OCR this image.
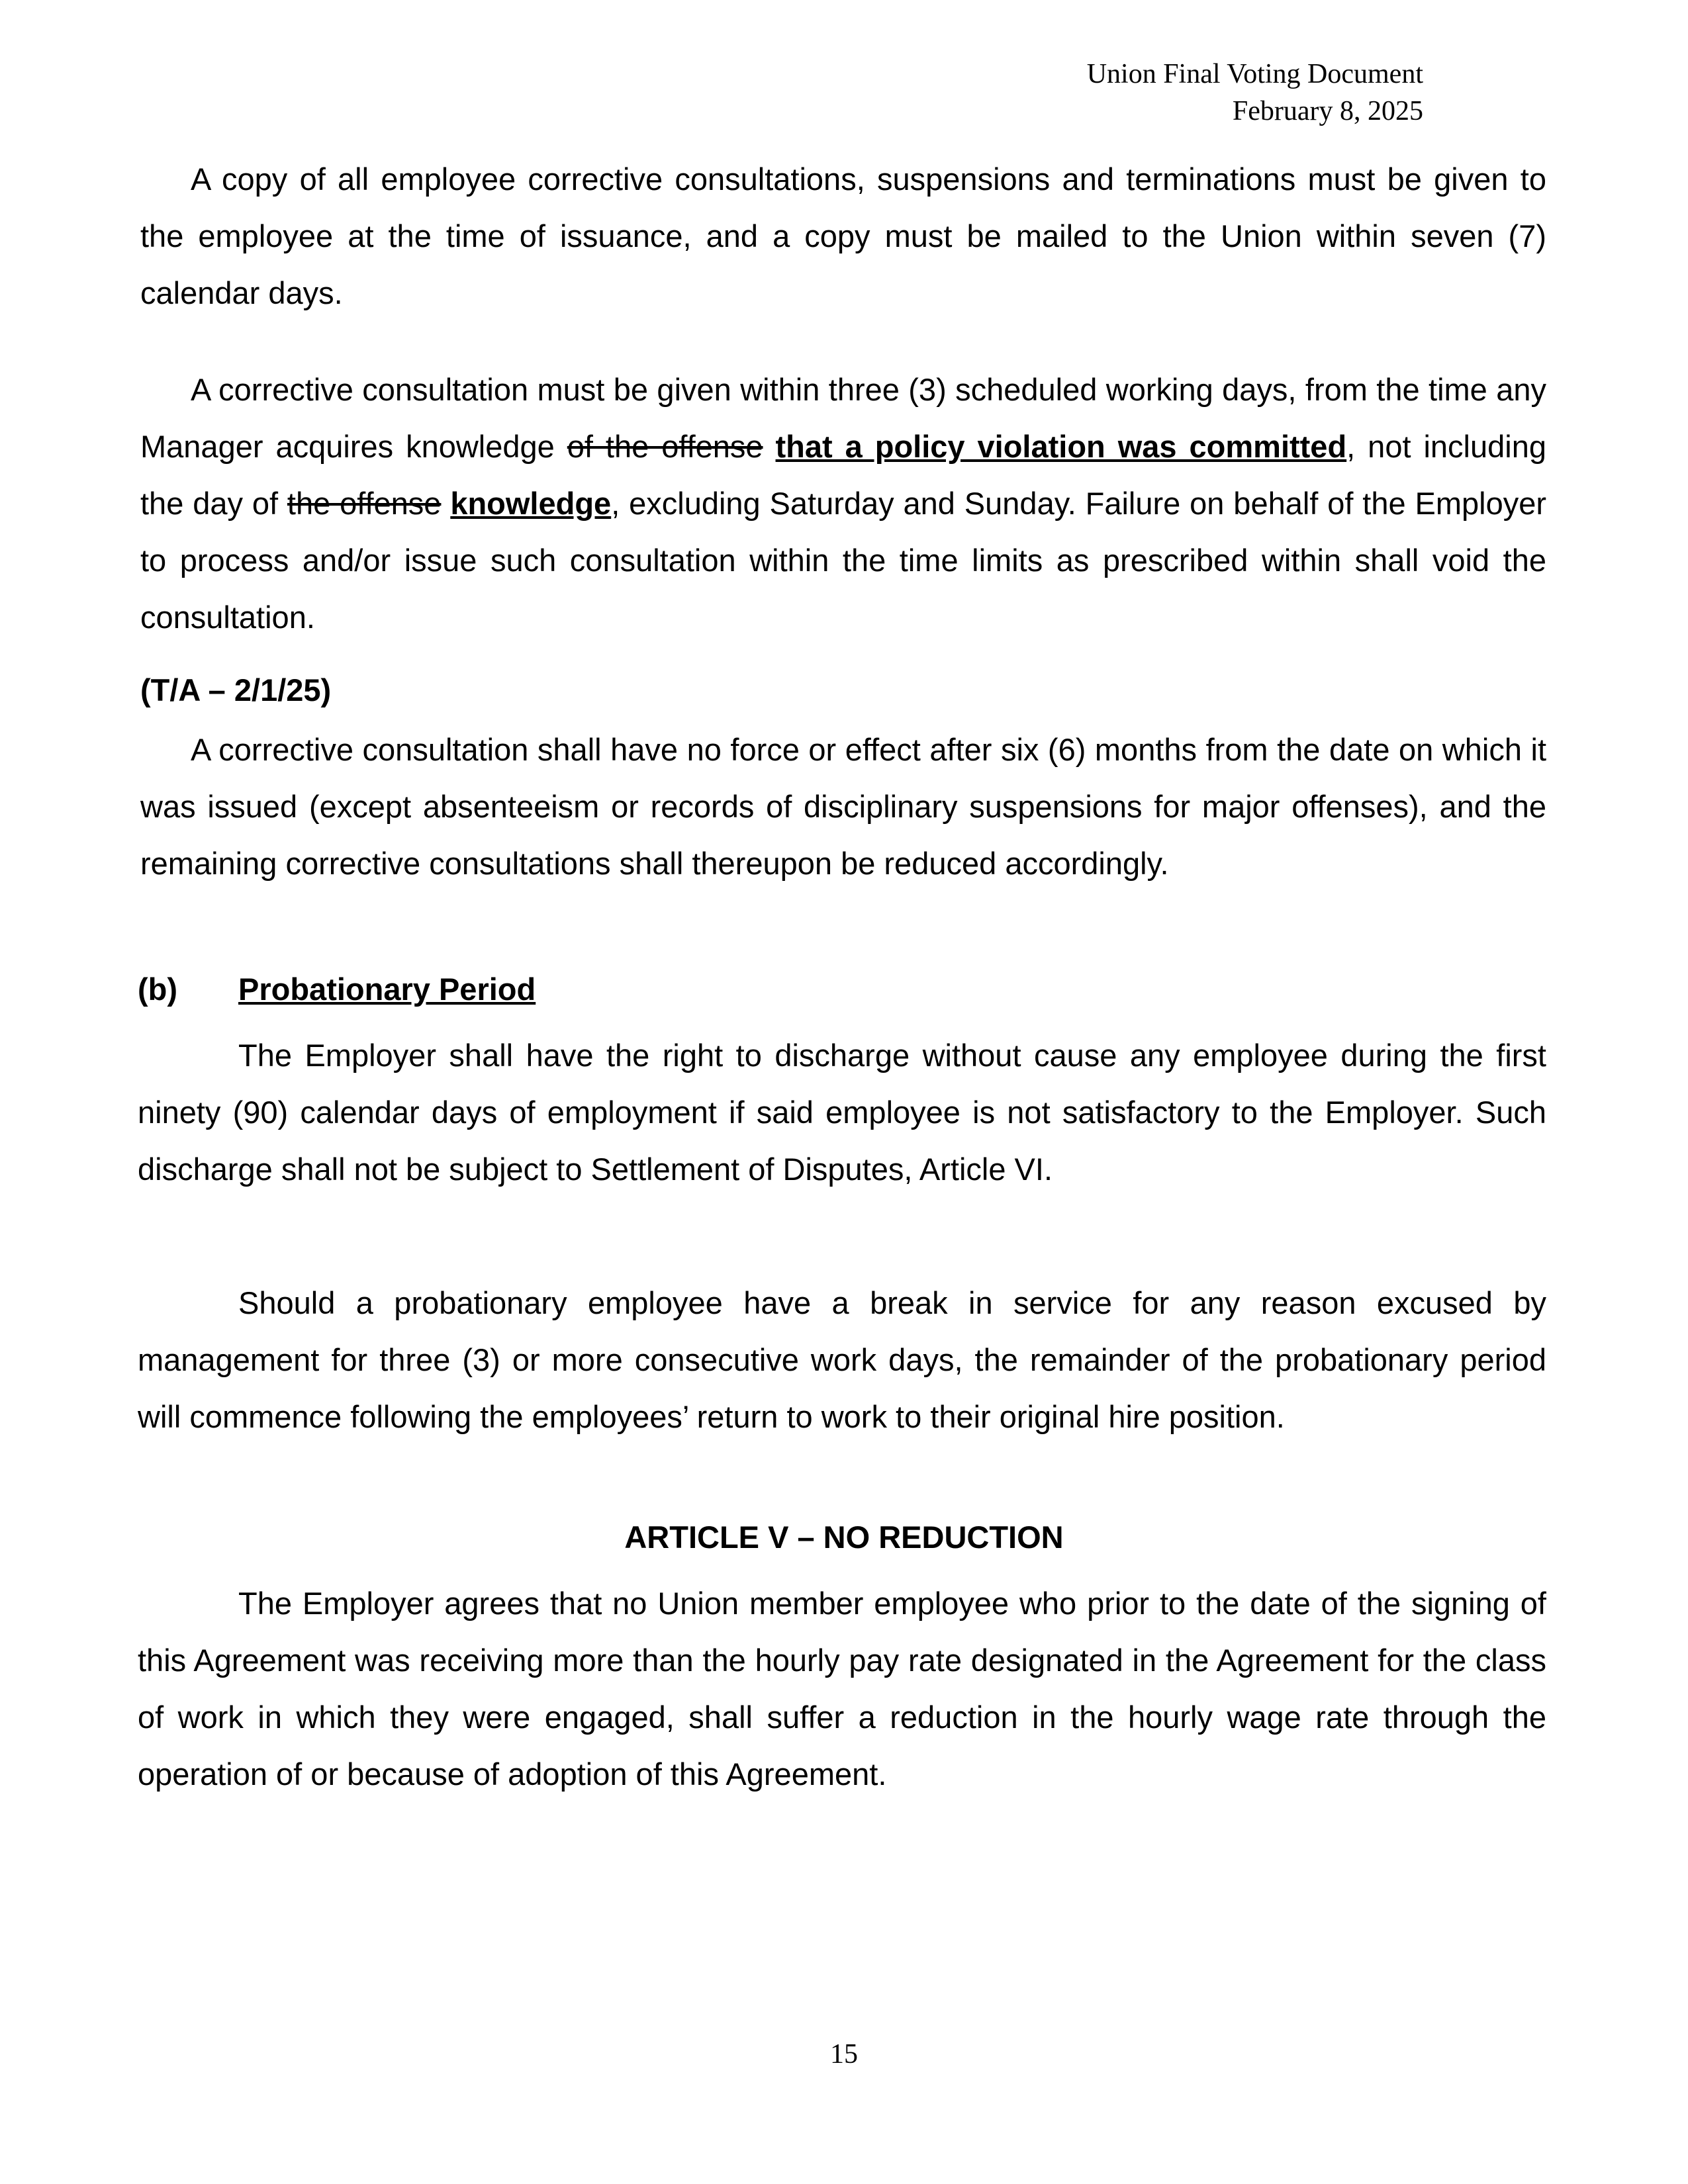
Union Final Voting Document
February 8, 2025

A copy of all employee corrective consultations, suspensions and terminations must be given to the employee at the time of issuance, and a copy must be mailed to the Union within seven (7) calendar days.

A corrective consultation must be given within three (3) scheduled working days, from the time any Manager acquires knowledge of the offense that a policy violation was committed, not including the day of the offense knowledge, excluding Saturday and Sunday. Failure on behalf of the Employer to process and/or issue such consultation within the time limits as prescribed within shall void the consultation.

(T/A – 2/1/25)

A corrective consultation shall have no force or effect after six (6) months from the date on which it was issued (except absenteeism or records of disciplinary suspensions for major offenses), and the remaining corrective consultations shall thereupon be reduced accordingly.

(b) Probationary Period

The Employer shall have the right to discharge without cause any employee during the first ninety (90) calendar days of employment if said employee is not satisfactory to the Employer. Such discharge shall not be subject to Settlement of Disputes, Article VI.

Should a probationary employee have a break in service for any reason excused by management for three (3) or more consecutive work days, the remainder of the probationary period will commence following the employees’ return to work to their original hire position.

ARTICLE V – NO REDUCTION

The Employer agrees that no Union member employee who prior to the date of the signing of this Agreement was receiving more than the hourly pay rate designated in the Agreement for the class of work in which they were engaged, shall suffer a reduction in the hourly wage rate through the operation of or because of adoption of this Agreement.

15
